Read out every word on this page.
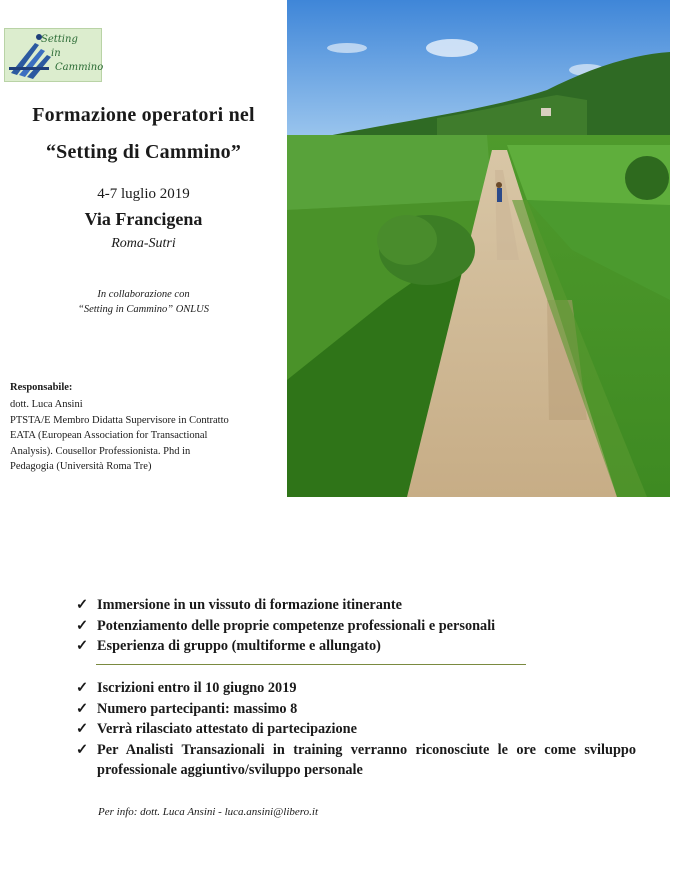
Setting
in
Cammino
Formazione operatori nel
“Setting di Cammino”
4-7 luglio 2019
Via Francigena
Roma-Sutri
In collaborazione con
“Setting in Cammino” ONLUS
Responsabile:
dott. Luca Ansini
PTSTA/E Membro Didatta Supervisore in Contratto
EATA (European Association for Transactional
Analysis). Cousellor Professionista. Phd in
Pedagogia (Università Roma Tre)
✓ Immersione in un vissuto di formazione itinerante
✓ Potenziamento delle proprie competenze professionali e personali
✓ Esperienza di gruppo (multiforme e allungato)
✓ Iscrizioni entro il 10 giugno 2019
✓ Numero partecipanti: massimo 8
✓ Verrà rilasciato attestato di partecipazione
✓ Per Analisti Transazionali in training verranno riconosciute le ore come sviluppo professionale aggiuntivo/sviluppo personale
Per info: dott. Luca Ansini - luca.ansini@libero.it
